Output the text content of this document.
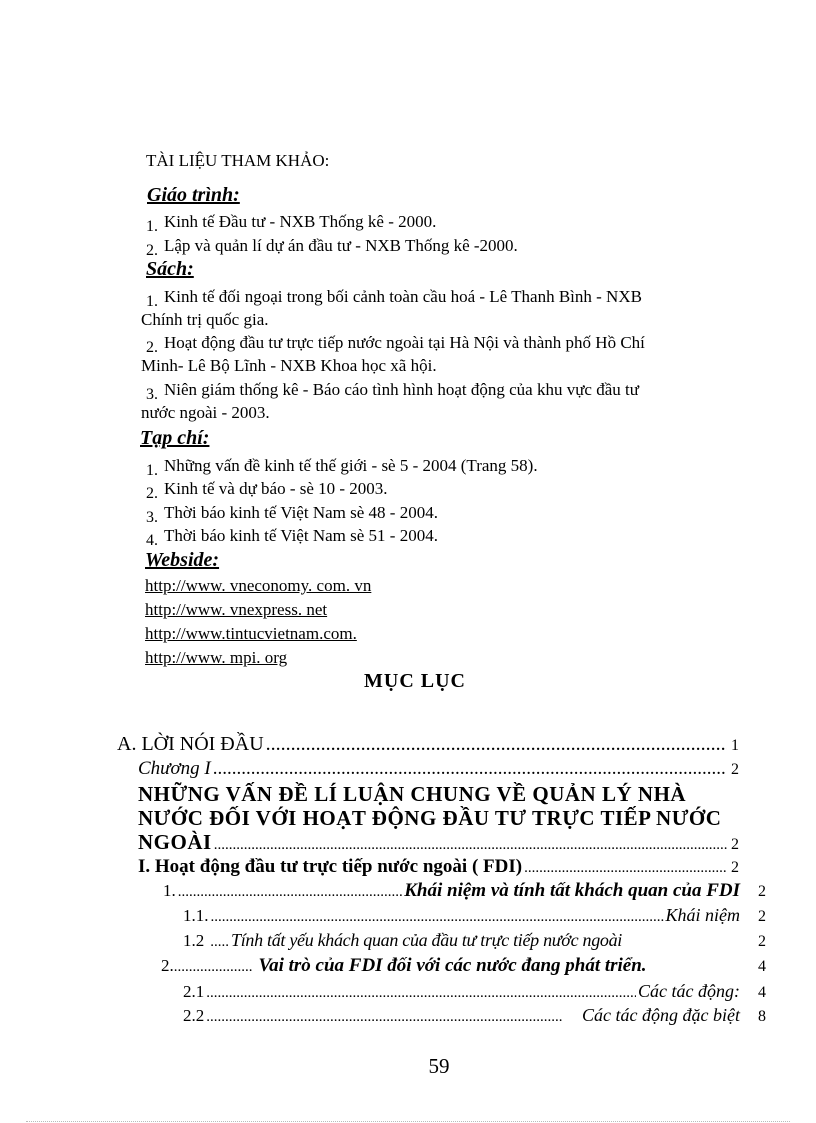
TÀI LIỆU THAM KHẢO:
Giáo trình:
1. Kinh tế Đầu tư - NXB Thống kê - 2000.
2. Lập và quản lí dự án đầu tư - NXB Thống kê -2000.
Sách:
1. Kinh tế đối ngoại trong bối cảnh toàn cầu hoá - Lê Thanh Bình - NXB
Chính trị quốc gia.
2. Hoạt động đầu tư trực tiếp nước ngoài tại Hà Nội và thành phố Hồ Chí
Minh- Lê Bộ Lĩnh - NXB Khoa học xã hội.
3. Niên giám thống kê - Báo cáo tình hình hoạt động của khu vực đầu tư
nước ngoài - 2003.
Tạp chí:
1. Những vấn đề kinh tế thế giới - sè 5 - 2004 (Trang 58).
2. Kinh tế và dự báo - sè 10 - 2003.
3. Thời báo kinh tế Việt Nam sè 48 - 2004.
4. Thời báo kinh tế Việt Nam sè 51 - 2004.
Webside:
http://www. vneconomy. com. vn
http://www. vnexpress. net
http://www.tintucvietnam.com.
http://www. mpi. org
MỤC LỤC
A. LỜI NÓI ĐẦU .....	1
Chương I .....	2
NHỮNG VẤN ĐỀ LÍ LUẬN CHUNG VỀ QUẢN LÝ NHÀ
NƯỚC ĐỐI VỚI HOẠT ĐỘNG ĐẦU TƯ TRỰC TIẾP NƯỚC
NGOÀI .....	2
I. Hoạt động đầu tư trực tiếp nước ngoài ( FDI) .....	2
1. .....	Khái niệm và tính tất khách quan của FDI 2
1.1. .....	Khái niệm 2
1.2 ..... Tính tất yếu khách quan của đầu tư trực tiếp nước ngoài	2
2. ..................... Vai trò của FDI đối với các nước đang phát triển.	4
2.1 .....	Các tác động: 4
2.2 .....	Các tác động đặc biệt 8
59
